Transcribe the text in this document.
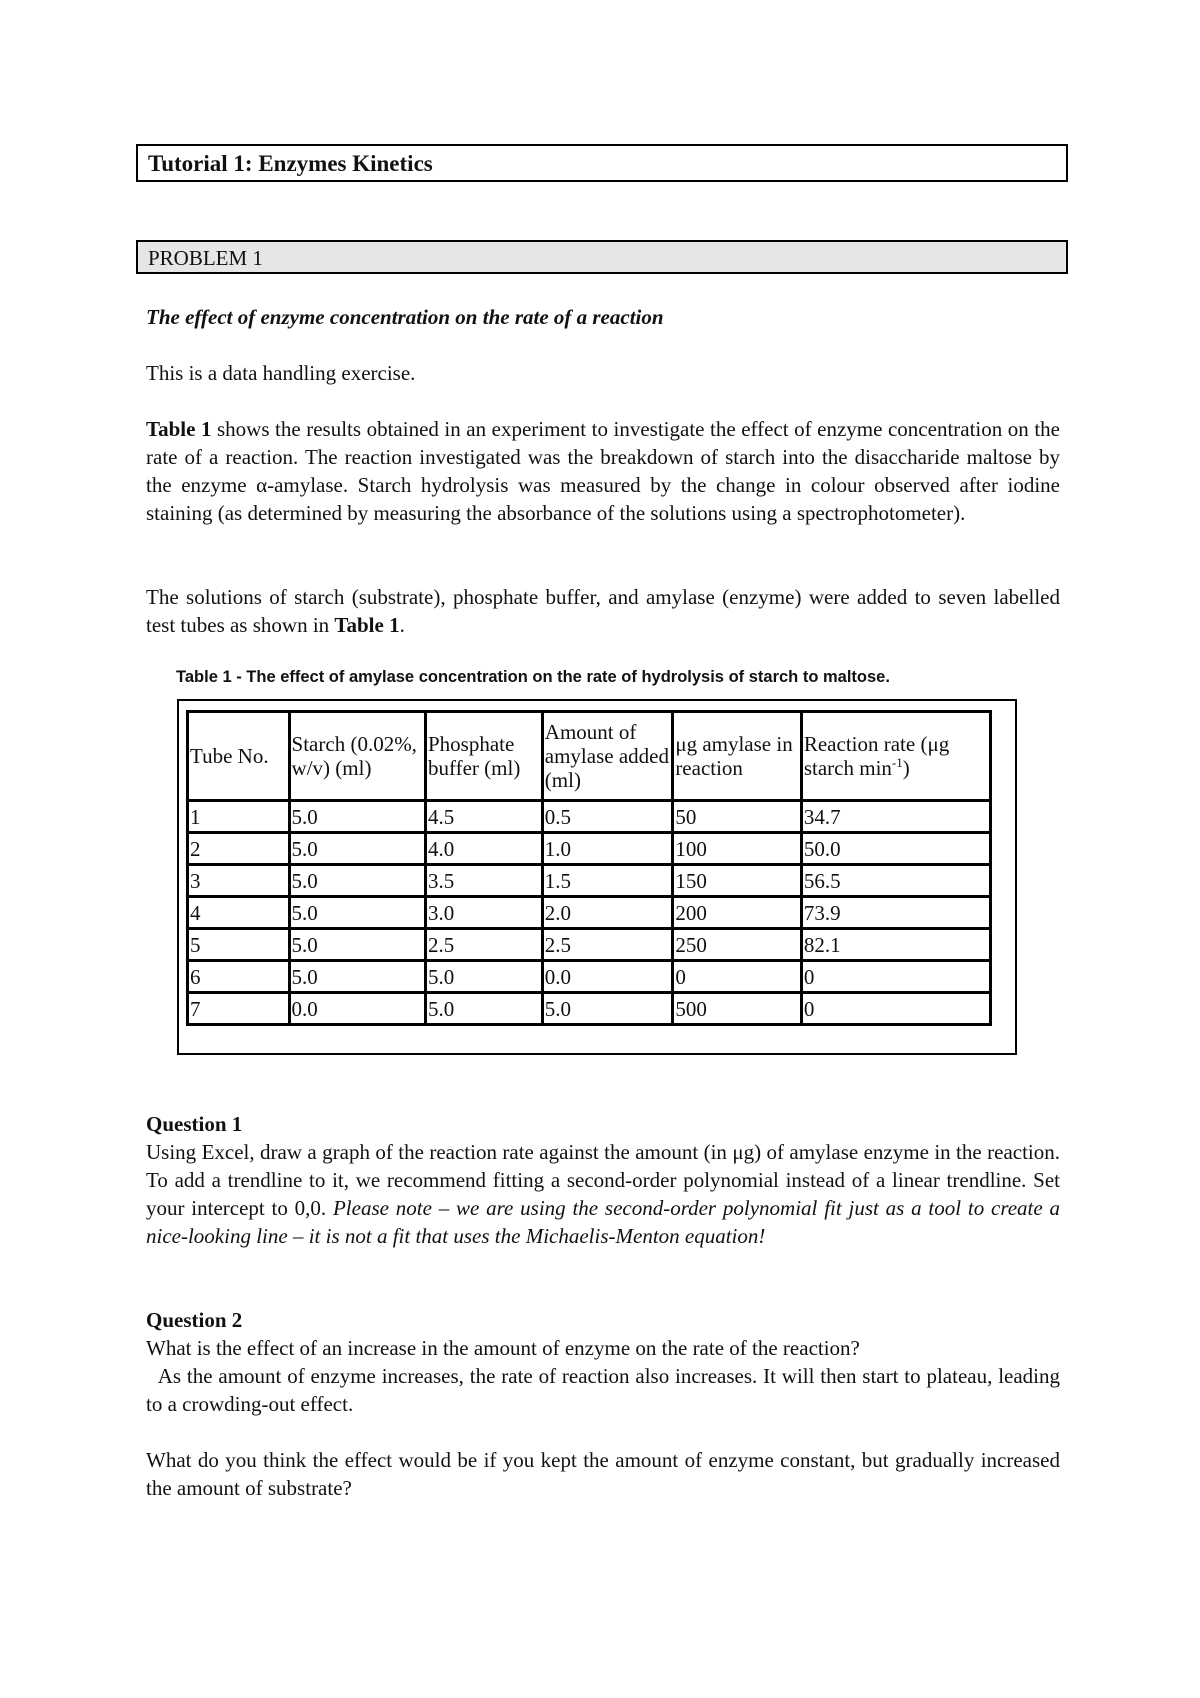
Tutorial 1: Enzymes Kinetics
PROBLEM 1

The effect of enzyme concentration on the rate of a reaction

This is a data handling exercise.

Table 1 shows the results obtained in an experiment to investigate the effect of enzyme concentration on the rate of a reaction. The reaction investigated was the breakdown of starch into the disaccharide maltose by the enzyme α-amylase. Starch hydrolysis was measured by the change in colour observed after iodine staining (as determined by measuring the absorbance of the solutions using a spectrophotometer).

The solutions of starch (substrate), phosphate buffer, and amylase (enzyme) were added to seven labelled test tubes as shown in Table 1.

Table 1 - The effect of amylase concentration on the rate of hydrolysis of starch to maltose.
Tube No.	Starch (0.02%, w/v) (ml)	Phosphate buffer (ml)	Amount of amylase added (ml)	μg amylase in reaction	Reaction rate (μg starch $\min^{-1}$)
1	5.0	4.5	0.5	50	34.7
2	5.0	4.0	1.0	100	50.0
3	5.0	3.5	1.5	150	56.5
4	5.0	3.0	2.0	200	73.9
5	5.0	2.5	2.5	250	82.1
6	5.0	5.0	0.0	0	0
7	0.0	5.0	5.0	500	0

Question 1

Using Excel, draw a graph of the reaction rate against the amount (in μg) of amylase enzyme in the reaction. To add a trendline to it, we recommend fitting a second-order polynomial instead of a linear trendline. Set your intercept to 0,0. Please note – we are using the second-order polynomial fit just as a tool to create a nice-looking line – it is not a fit that uses the Michaelis-Menton equation!

Question 2

What is the effect of an increase in the amount of enzyme on the rate of the reaction?

As the amount of enzyme increases, the rate of reaction also increases. It will then start to plateau, leading to a crowding-out effect.

What do you think the effect would be if you kept the amount of enzyme constant, but gradually increased the amount of substrate?
